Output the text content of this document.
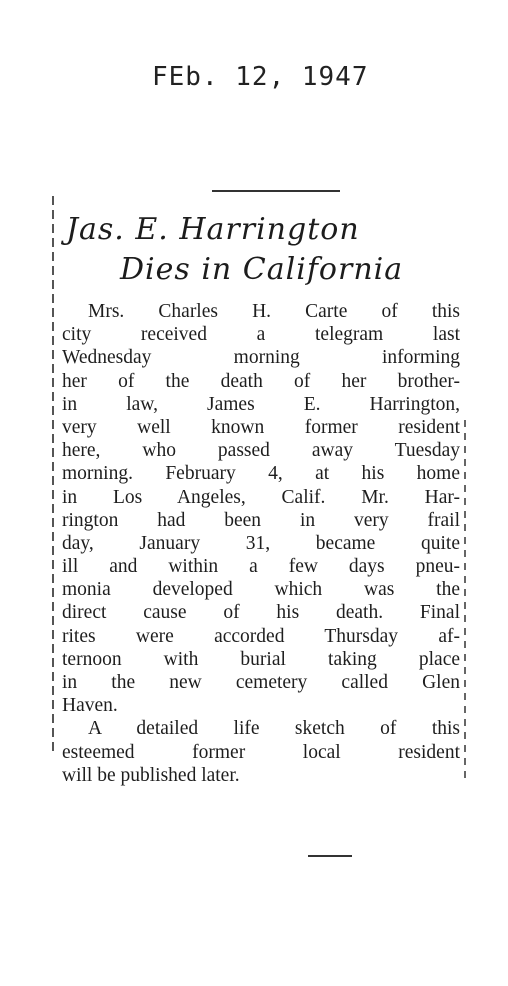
FEb. 12, 1947
Jas. E. Harrington
Dies in California
Mrs. Charles H. Carte of this
city received a telegram last
Wednesday morning informing
her of the death of her brother-
in law, James E. Harrington,
very well known former resident
here, who passed away Tuesday
morning. February 4, at his home
in Los Angeles, Calif. Mr. Har-
rington had been in very frail
day, January 31, became quite
ill and within a few days pneu-
monia developed which was the
direct cause of his death. Final
rites were accorded Thursday af-
ternoon with burial taking place
in the new cemetery called Glen
Haven.
A detailed life sketch of this
esteemed former local resident
will be published later.
